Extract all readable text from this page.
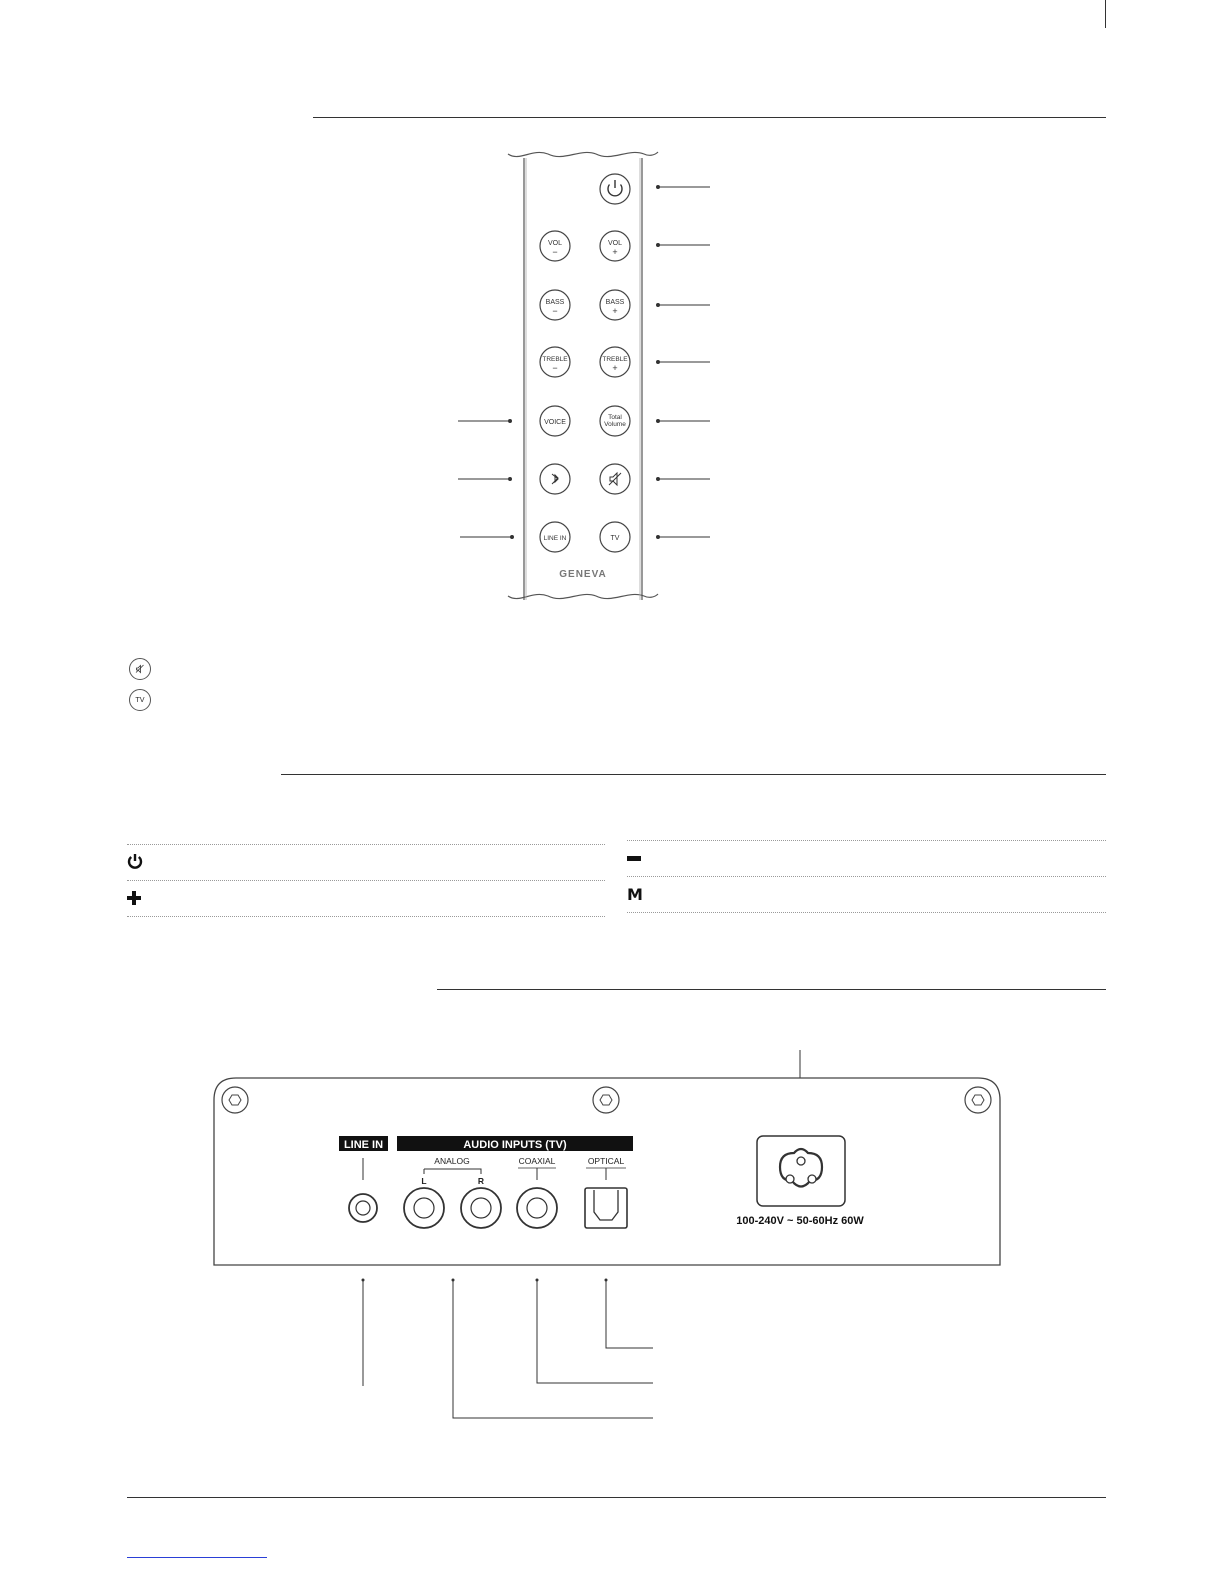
VOL
−
VOL
+
BASS
−
BASS
+
TREBLE
−
TREBLE
+
VOICE
Total
Volume
LINE IN	TV
GENEVA
TV
M
LINE IN	AUDIO INPUTS (TV)
ANALOG
L	R
COAXIAL	OPTICAL
100-240V ~ 50-60Hz 60W
